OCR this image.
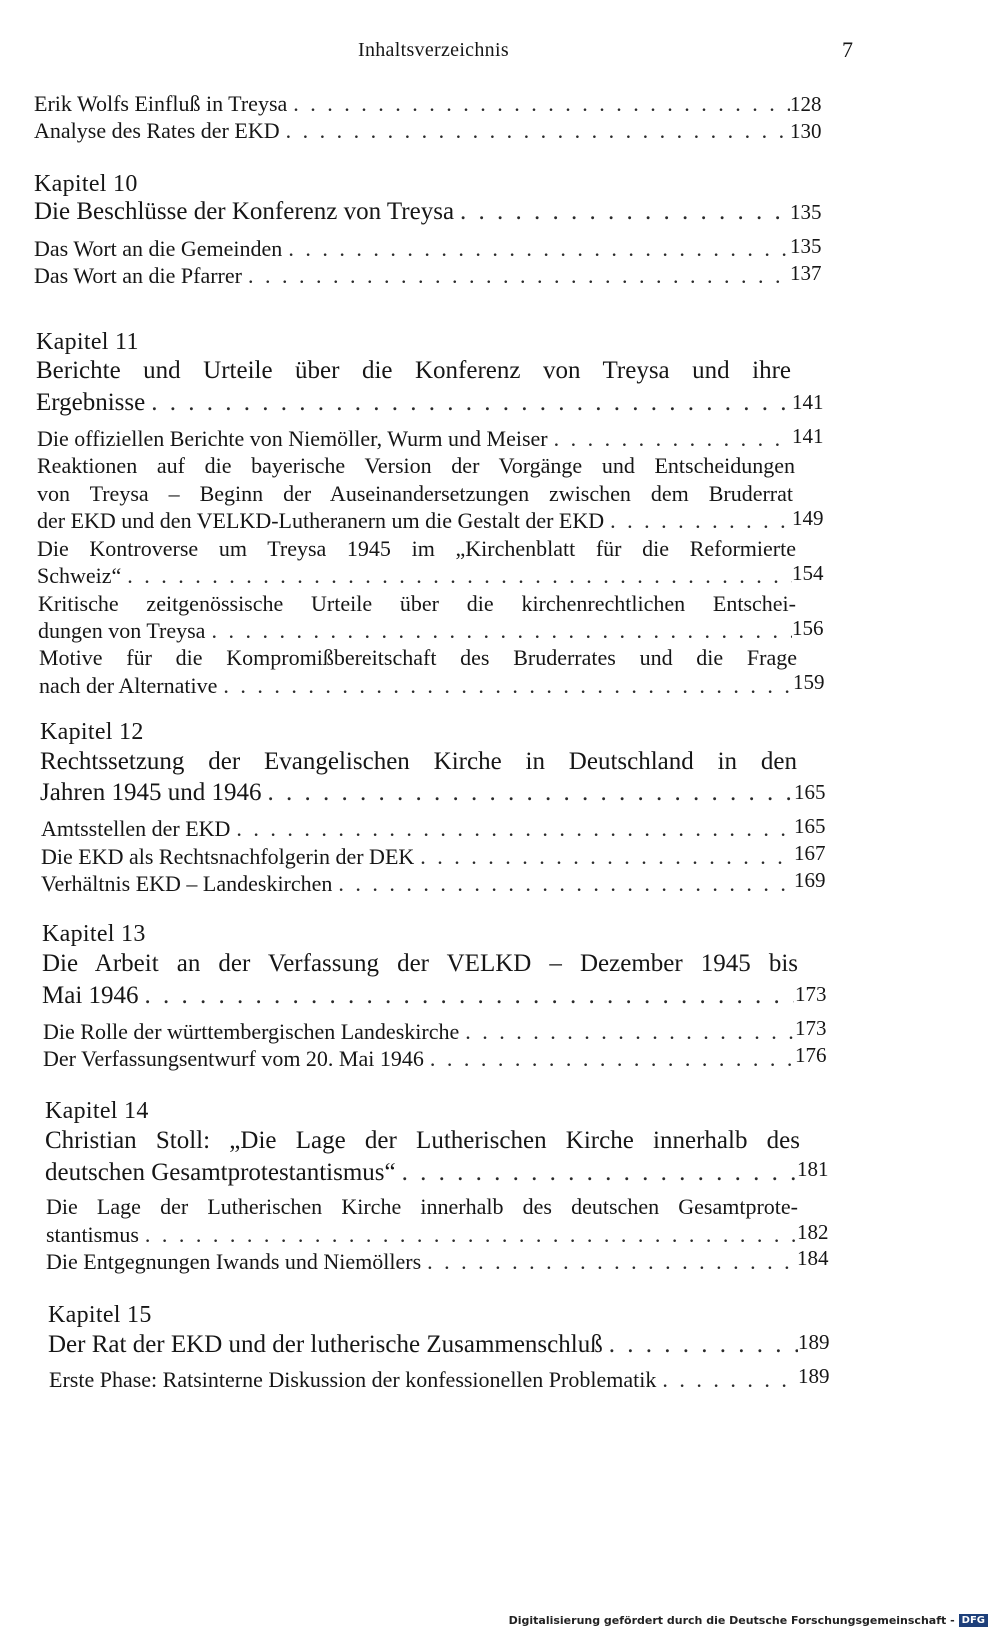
Inhaltsverzeichnis	7
Erik Wolfs Einfluß in Treysa . . .	128
Analyse des Rates der EKD . . .	130
Kapitel 10
Die Beschlüsse der Konferenz von Treysa . . .	135
Das Wort an die Gemeinden . . .	135
Das Wort an die Pfarrer . . .	137
Kapitel 11
Berichte und Urteile über die Konferenz von Treysa und ihre
Ergebnisse . . .	141
Die offiziellen Berichte von Niemöller, Wurm und Meiser . . .	141
Reaktionen auf die bayerische Version der Vorgänge und Entscheidungen
von Treysa – Beginn der Auseinandersetzungen zwischen dem Bruderrat
der EKD und den VELKD-Lutheranern um die Gestalt der EKD . . .	149
Die Kontroverse um Treysa 1945 im „Kirchenblatt für die Reformierte
Schweiz“ . . .	154
Kritische zeitgenössische Urteile über die kirchenrechtlichen Entschei-
dungen von Treysa . . .	156
Motive für die Kompromißbereitschaft des Bruderrates und die Frage
nach der Alternative . . .	159
Kapitel 12
Rechtssetzung der Evangelischen Kirche in Deutschland in den
Jahren 1945 und 1946 . . .	165
Amtsstellen der EKD . . .	165
Die EKD als Rechtsnachfolgerin der DEK . . .	167
Verhältnis EKD – Landeskirchen . . .	169
Kapitel 13
Die Arbeit an der Verfassung der VELKD – Dezember 1945 bis
Mai 1946 . . .	173
Die Rolle der württembergischen Landeskirche . . .	173
Der Verfassungsentwurf vom 20. Mai 1946 . . .	176
Kapitel 14
Christian Stoll: „Die Lage der Lutherischen Kirche innerhalb des
deutschen Gesamtprotestantismus“ . . .	181
Die Lage der Lutherischen Kirche innerhalb des deutschen Gesamtprote-
stantismus . . .	182
Die Entgegnungen Iwands und Niemöllers . . .	184
Kapitel 15
Der Rat der EKD und der lutherische Zusammenschluß . . .	189
Erste Phase: Ratsinterne Diskussion der konfessionellen Problematik . . .	189
Digitalisierung gefördert durch die Deutsche Forschungsgemeinschaft - DFG
